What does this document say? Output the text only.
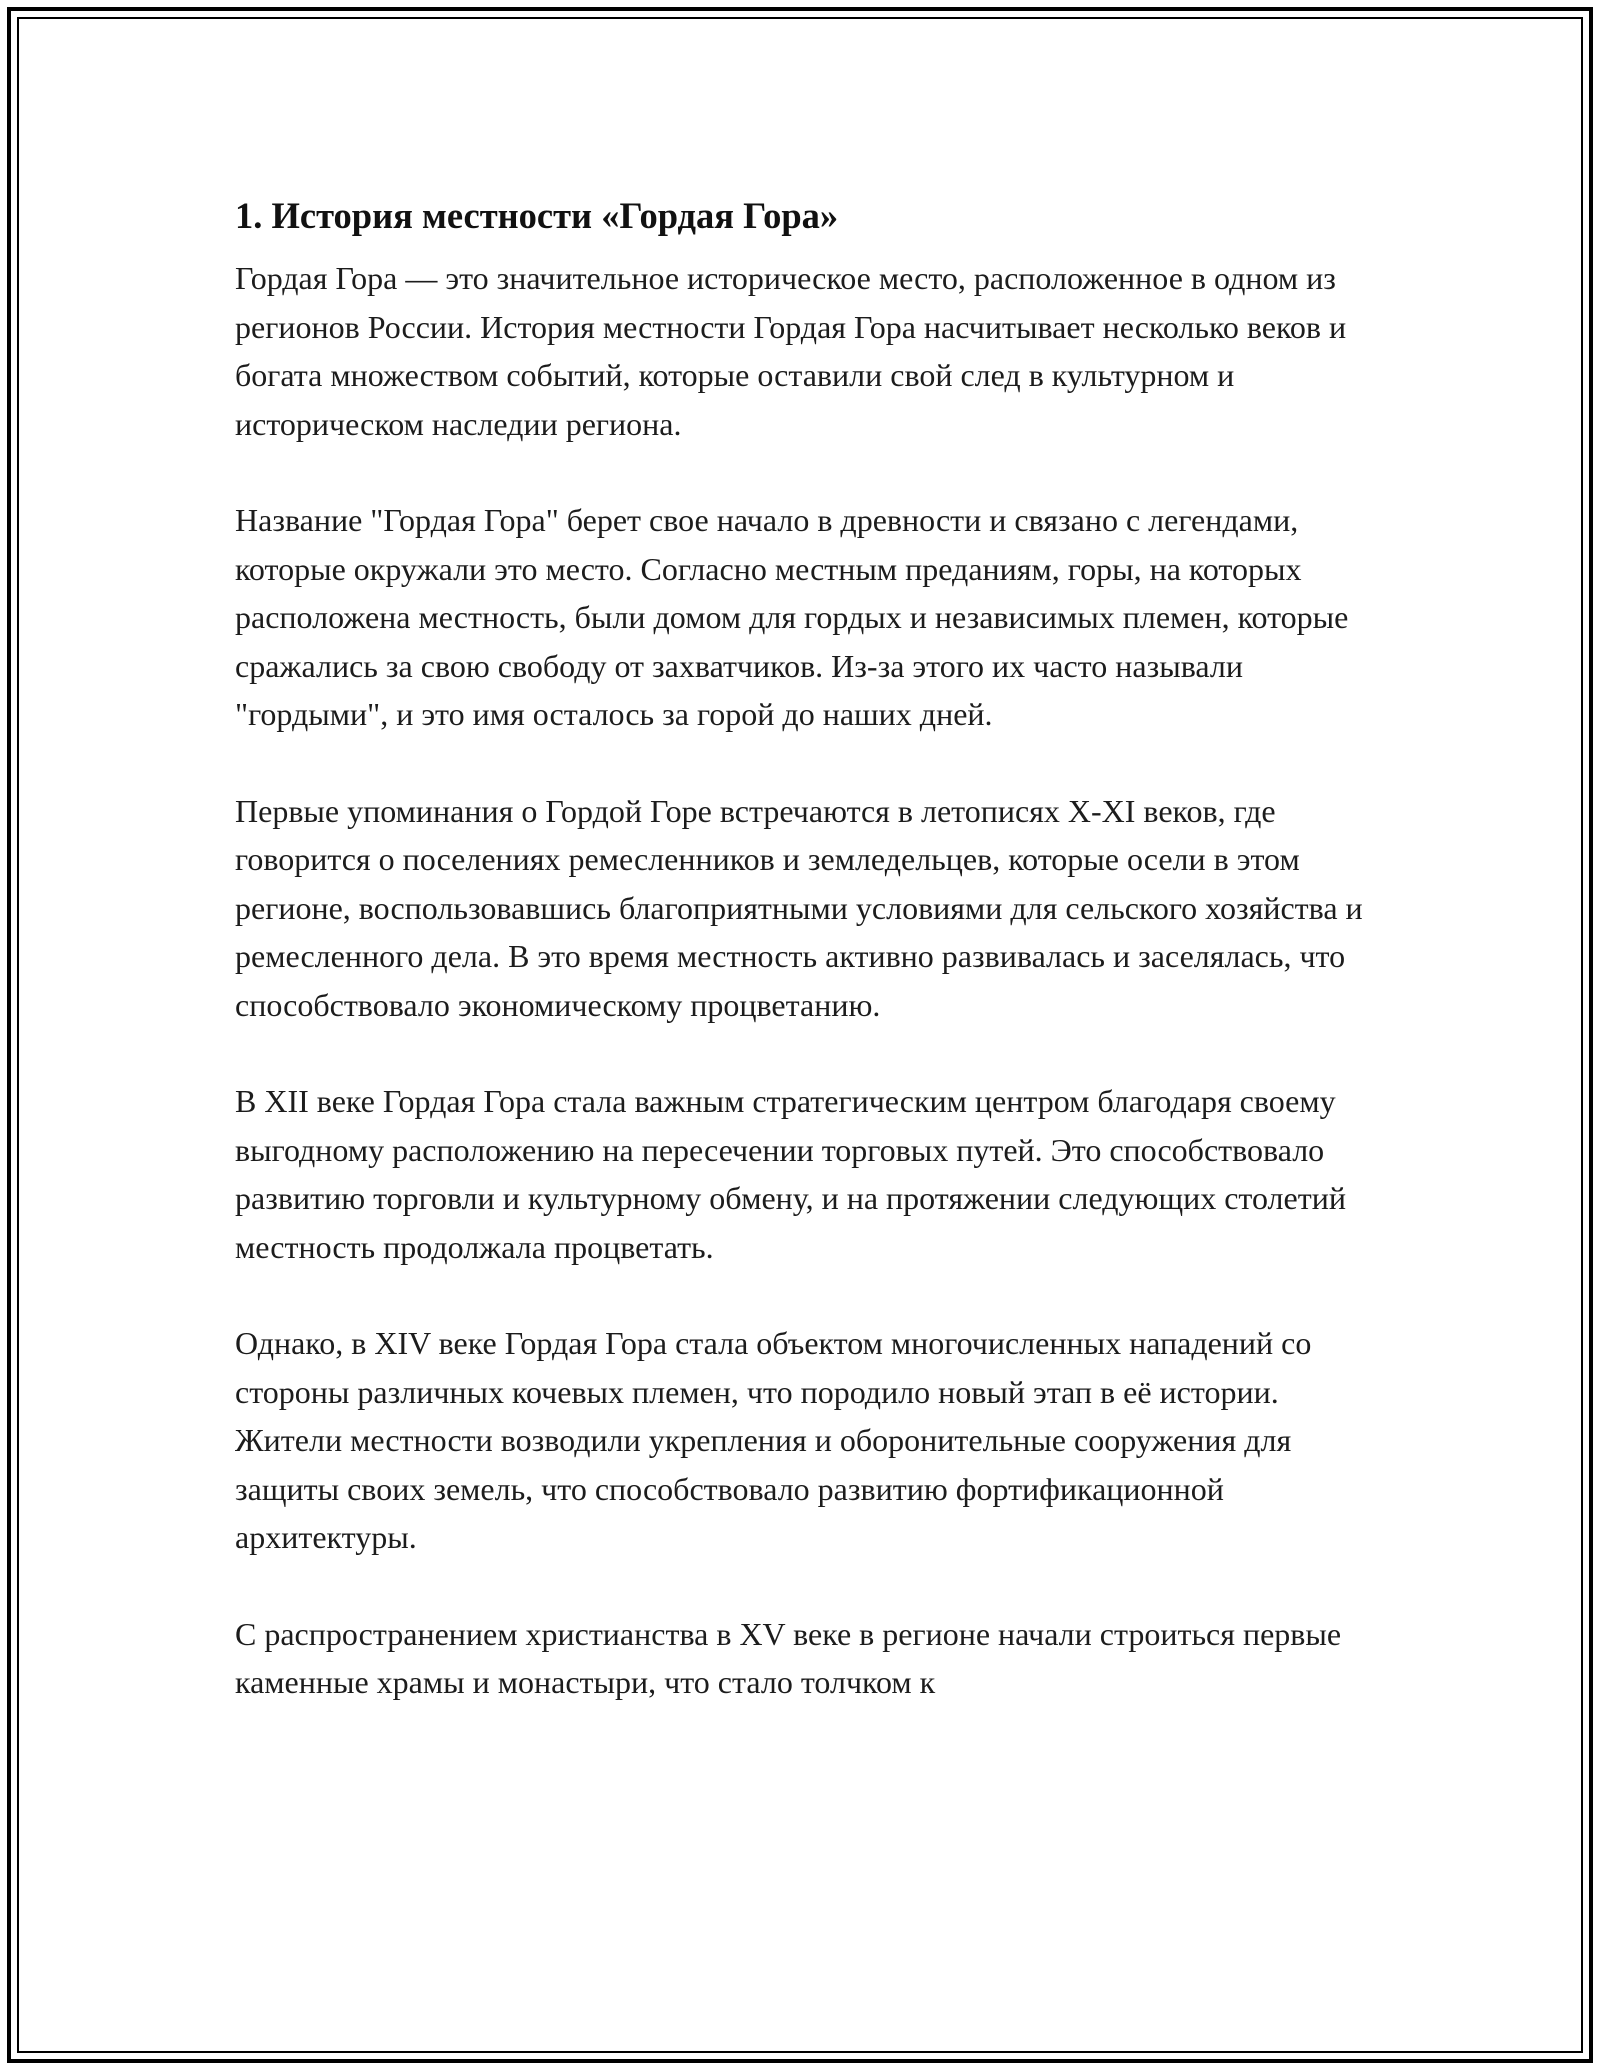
1. История местности «Гордая Гора»

Гордая Гора — это значительное историческое место, расположенное в одном из регионов России. История местности Гордая Гора насчитывает несколько веков и богата множеством событий, которые оставили свой след в культурном и историческом наследии региона.

Название "Гордая Гора" берет свое начало в древности и связано с легендами, которые окружали это место. Согласно местным преданиям, горы, на которых расположена местность, были домом для гордых и независимых племен, которые сражались за свою свободу от захватчиков. Из-за этого их часто называли "гордыми", и это имя осталось за горой до наших дней.

Первые упоминания о Гордой Горе встречаются в летописях X-XI веков, где говорится о поселениях ремесленников и земледельцев, которые осели в этом регионе, воспользовавшись благоприятными условиями для сельского хозяйства и ремесленного дела. В это время местность активно развивалась и заселялась, что способствовало экономическому процветанию.

В XII веке Гордая Гора стала важным стратегическим центром благодаря своему выгодному расположению на пересечении торговых путей. Это способствовало развитию торговли и культурному обмену, и на протяжении следующих столетий местность продолжала процветать.

Однако, в XIV веке Гордая Гора стала объектом многочисленных нападений со стороны различных кочевых племен, что породило новый этап в её истории. Жители местности возводили укрепления и оборонительные сооружения для защиты своих земель, что способствовало развитию фортификационной архитектуры.

С распространением христианства в XV веке в регионе начали строиться первые каменные храмы и монастыри, что стало толчком к
